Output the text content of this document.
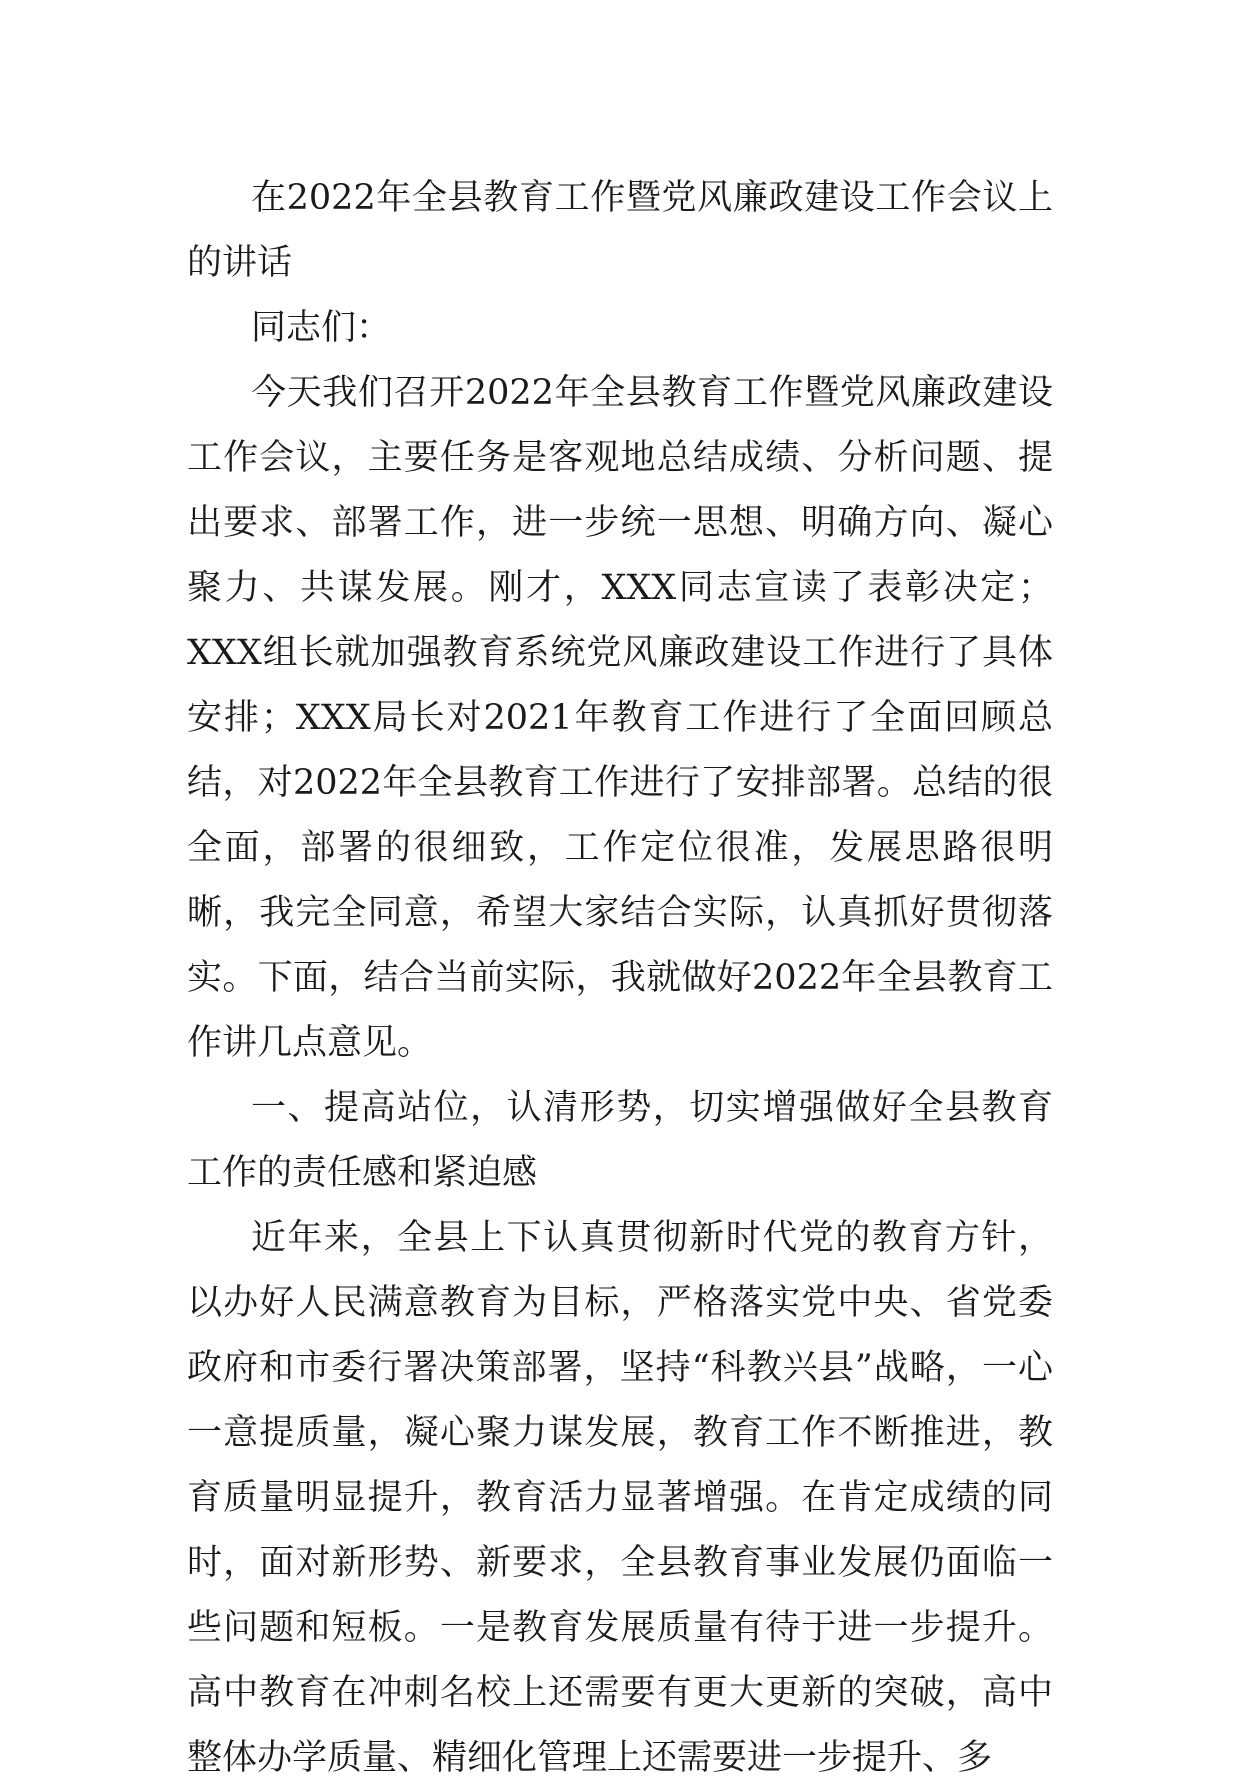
在2022年全县教育工作暨党风廉政建设工作会议上的讲话

同志们：

今天我们召开2022年全县教育工作暨党风廉政建设工作会议，主要任务是客观地总结成绩、分析问题、提出要求、部署工作，进一步统一思想、明确方向、凝心聚力、共谋发展。刚才，XXX同志宣读了表彰决定；XXX组长就加强教育系统党风廉政建设工作进行了具体安排；XXX局长对2021年教育工作进行了全面回顾总结，对2022年全县教育工作进行了安排部署。总结的很全面，部署的很细致，工作定位很准，发展思路很明晰，我完全同意，希望大家结合实际，认真抓好贯彻落实。下面，结合当前实际，我就做好2022年全县教育工作讲几点意见。

一、提高站位，认清形势，切实增强做好全县教育工作的责任感和紧迫感

近年来，全县上下认真贯彻新时代党的教育方针，以办好人民满意教育为目标，严格落实党中央、省党委政府和市委行署决策部署，坚持“科教兴县”战略，一心一意提质量，凝心聚力谋发展，教育工作不断推进，教育质量明显提升，教育活力显著增强。在肯定成绩的同时，面对新形势、新要求，全县教育事业发展仍面临一些问题和短板。一是教育发展质量有待于进一步提升。高中教育在冲刺名校上还需要有更大更新的突破，高中整体办学质量、精细化管理上还需要进一步提升、多
